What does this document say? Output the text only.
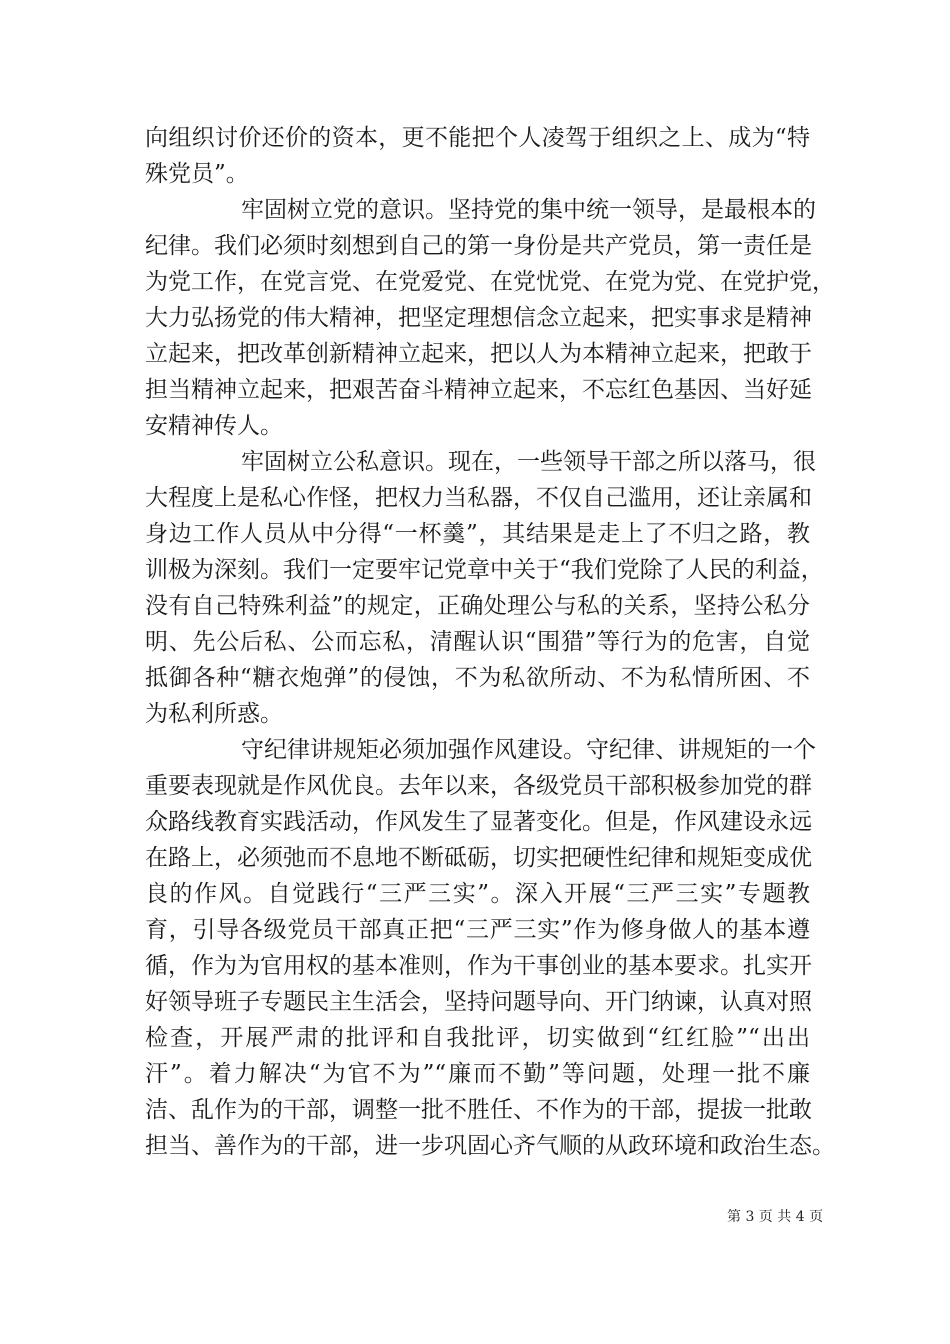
向组织讨价还价的资本，更不能把个人凌驾于组织之上、成为“特
殊党员”。
牢固树立党的意识。坚持党的集中统一领导，是最根本的
纪律。我们必须时刻想到自己的第一身份是共产党员，第一责任是
为党工作，在党言党、在党爱党、在党忧党、在党为党、在党护党，
大力弘扬党的伟大精神，把坚定理想信念立起来，把实事求是精神
立起来，把改革创新精神立起来，把以人为本精神立起来，把敢于
担当精神立起来，把艰苦奋斗精神立起来，不忘红色基因、当好延
安精神传人。
牢固树立公私意识。现在，一些领导干部之所以落马，很
大程度上是私心作怪，把权力当私器，不仅自己滥用，还让亲属和
身边工作人员从中分得“一杯羹”，其结果是走上了不归之路，教
训极为深刻。我们一定要牢记党章中关于“我们党除了人民的利益，
没有自己特殊利益”的规定，正确处理公与私的关系，坚持公私分
明、先公后私、公而忘私，清醒认识“围猎”等行为的危害，自觉
抵御各种“糖衣炮弹”的侵蚀，不为私欲所动、不为私情所困、不
为私利所惑。
守纪律讲规矩必须加强作风建设。守纪律、讲规矩的一个
重要表现就是作风优良。去年以来，各级党员干部积极参加党的群
众路线教育实践活动，作风发生了显著变化。但是，作风建设永远
在路上，必须弛而不息地不断砥砺，切实把硬性纪律和规矩变成优
良的作风。自觉践行“三严三实”。深入开展“三严三实”专题教
育，引导各级党员干部真正把“三严三实”作为修身做人的基本遵
循，作为为官用权的基本准则，作为干事创业的基本要求。扎实开
好领导班子专题民主生活会，坚持问题导向、开门纳谏，认真对照
检查，开展严肃的批评和自我批评，切实做到“红红脸”“出出
汗”。着力解决“为官不为”“廉而不勤”等问题，处理一批不廉
洁、乱作为的干部，调整一批不胜任、不作为的干部，提拔一批敢
担当、善作为的干部，进一步巩固心齐气顺的从政环境和政治生态。
第 3 页 共 4 页
